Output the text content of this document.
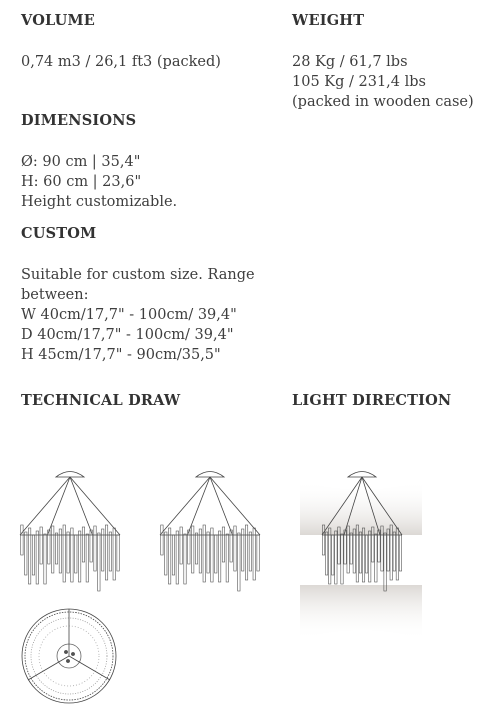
VOLUME	WEIGHT
DIMENSIONS
CUSTOM
TECHNICAL DRAW	LIGHT DIRECTION
0,74 m3 / 26,1 ft3 (packed)	28 Kg / 61,7 lbs
105 Kg / 231,4 lbs
(packed in wooden case)
Ø: 90 cm | 35,4"
H: 60 cm | 23,6"
Height customizable.
Suitable for custom size. Range
between:
W 40cm/17,7" - 100cm/ 39,4"
D 40cm/17,7" - 100cm/ 39,4"
H 45cm/17,7" - 90cm/35,5"
